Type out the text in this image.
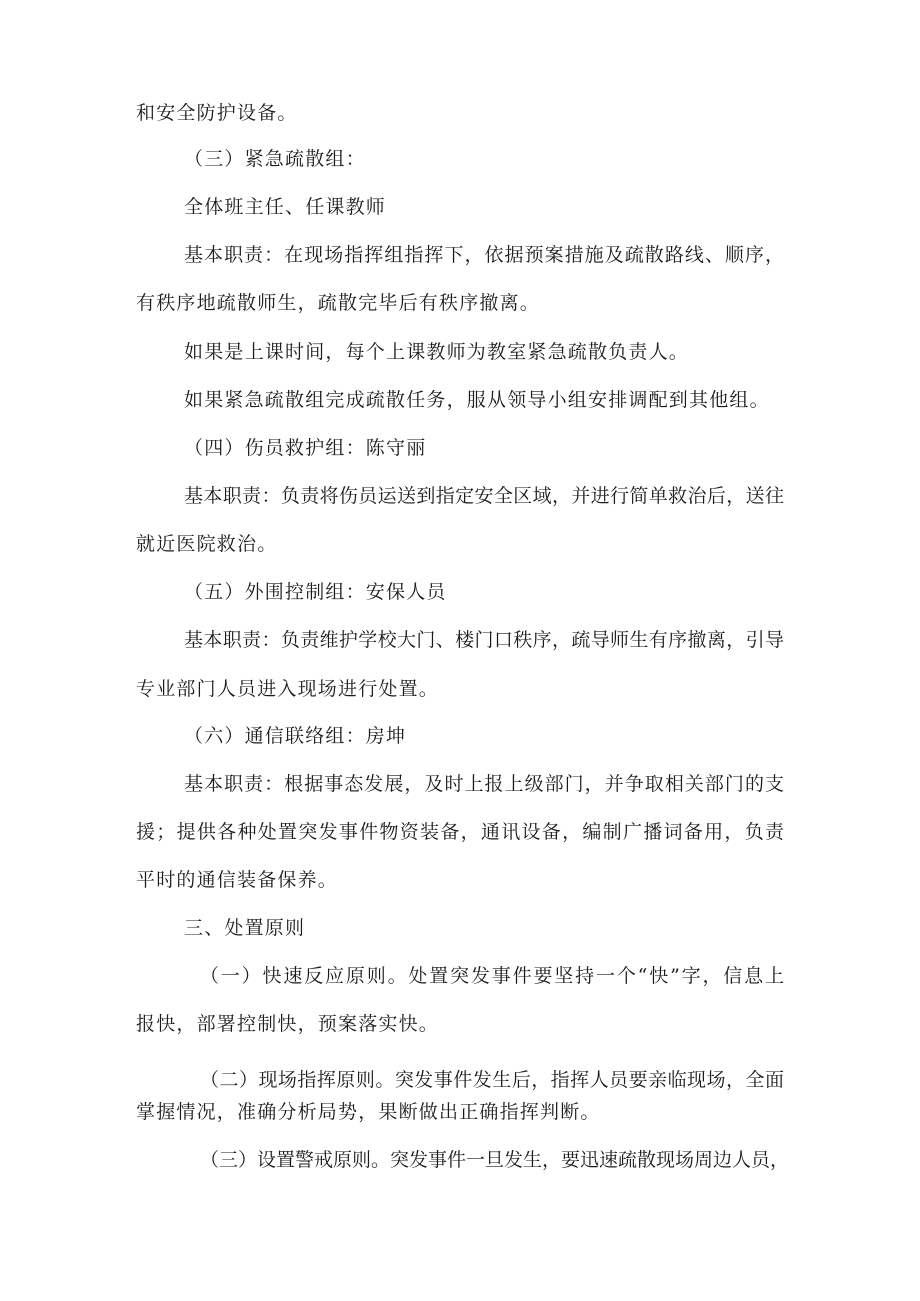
和安全防护设备。

（三）紧急疏散组：

全体班主任、任课教师

基本职责：在现场指挥组指挥下，依据预案措施及疏散路线、顺序，

有秩序地疏散师生，疏散完毕后有秩序撤离。

如果是上课时间，每个上课教师为教室紧急疏散负责人。

如果紧急疏散组完成疏散任务，服从领导小组安排调配到其他组。

（四）伤员救护组：陈守丽

基本职责：负责将伤员运送到指定安全区域，并进行简单救治后，送往

就近医院救治。

（五）外围控制组：安保人员

基本职责：负责维护学校大门、楼门口秩序，疏导师生有序撤离，引导

专业部门人员进入现场进行处置。

（六）通信联络组：房坤

基本职责：根据事态发展，及时上报上级部门，并争取相关部门的支

援；提供各种处置突发事件物资装备，通讯设备，编制广播词备用，负责

平时的通信装备保养。

三、处置原则

（一）快速反应原则。处置突发事件要坚持一个“快”字，信息上

报快，部署控制快，预案落实快。

（二）现场指挥原则。突发事件发生后，指挥人员要亲临现场，全面

掌握情况，准确分析局势，果断做出正确指挥判断。

（三）设置警戒原则。突发事件一旦发生，要迅速疏散现场周边人员，
